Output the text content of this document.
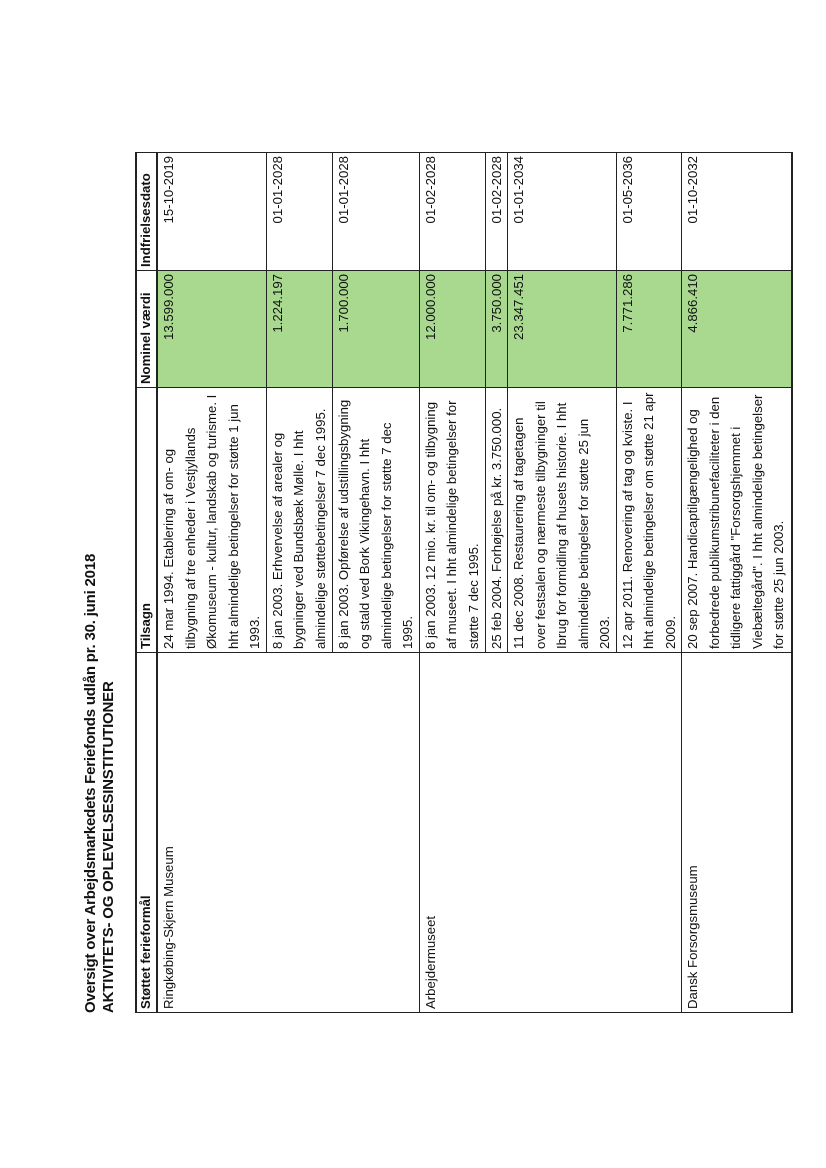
Oversigt over Arbejdsmarkedets Feriefonds udlån pr. 30. juni 2018 AKTIVITETS- OG OPLEVELSESINSTITUTIONER Støttet ferieformål	Tilsagn	Nominel værdi	Indfrielsesdato
Ringkøbing-Skjern Museum	24 mar 1994. Etablering af om- og tilbygning af tre enheder i Vestjyllands Økomuseum - kultur, landskab og turisme. I hht almindelige betingelser for støtte 1 jun 1993.	13.599.000	15-10-2019
	8 jan 2003. Erhvervelse af arealer og bygninger ved Bundsbæk Mølle. I hht almindelige støttebetingelser 7 dec 1995.	1.224.197	01-01-2028
	8 jan 2003. Opførelse af udstillingsbygning og stald ved Bork Vikingehavn. I hht almindelige betingelser for støtte 7 dec 1995.	1.700.000	01-01-2028
Arbejdermuseet	8 jan 2003. 12 mio. kr. til om- og tilbygning af museet. I hht almindelige betingelser for støtte 7 dec 1995.	12.000.000	01-02-2028
	25 feb 2004. Forhøjelse på kr. 3.750.000.	3.750.000	01-02-2028
	11 dec 2008. Restaurering af tagetagen over festsalen og nærmeste tilbygninger til Ibrug for formidling af husets historie. I hht almindelige betingelser for støtte 25 jun 2003.	23.347.451	01-01-2034
	12 apr 2011. Renovering af tag og kviste. I hht almindelige betingelser om støtte 21 apr 2009.	7.771.286	01-05-2036
Dansk Forsorgsmuseum	20 sep 2007. Handicaptilgængelighed og forbedrede publikumstribunefaciliteter i den tidligere fattiggård "Forsorgshjemmet i Viebæltegård". I hht almindelige betingelser for støtte 25 jun 2003.	4.866.410	01-10-2032
